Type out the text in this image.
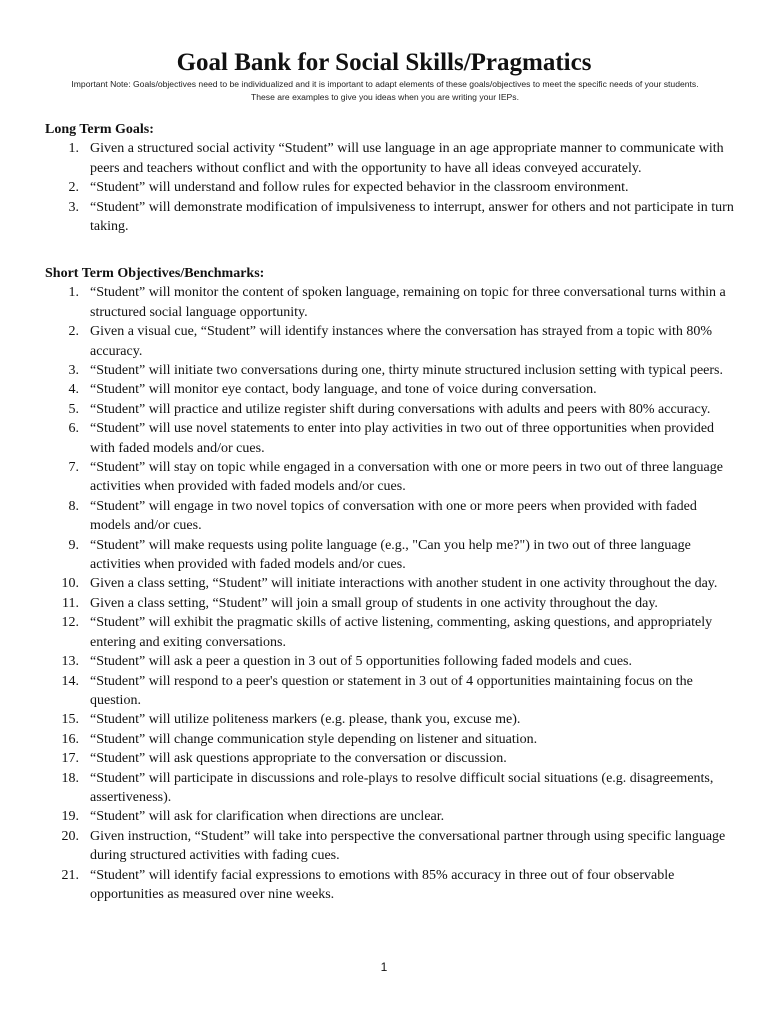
Goal Bank for Social Skills/Pragmatics
Important Note: Goals/objectives need to be individualized and it is important to adapt elements of these goals/objectives to meet the specific needs of your students. These are examples to give you ideas when you are writing your IEPs.
Long Term Goals:
1. Given a structured social activity “Student” will use language in an age appropriate manner to communicate with peers and teachers without conflict and with the opportunity to have all ideas conveyed accurately.
2. “Student” will understand and follow rules for expected behavior in the classroom environment.
3. “Student” will demonstrate modification of impulsiveness to interrupt, answer for others and not participate in turn taking.
Short Term Objectives/Benchmarks:
1. “Student” will monitor the content of spoken language, remaining on topic for three conversational turns within a structured social language opportunity.
2. Given a visual cue, “Student” will identify instances where the conversation has strayed from a topic with 80% accuracy.
3. “Student” will initiate two conversations during one, thirty minute structured inclusion setting with typical peers.
4. “Student” will monitor eye contact, body language, and tone of voice during conversation.
5. “Student” will practice and utilize register shift during conversations with adults and peers with 80% accuracy.
6. “Student” will use novel statements to enter into play activities in two out of three opportunities when provided with faded models and/or cues.
7. “Student” will stay on topic while engaged in a conversation with one or more peers in two out of three language activities when provided with faded models and/or cues.
8. “Student” will engage in two novel topics of conversation with one or more peers when provided with faded models and/or cues.
9. “Student” will make requests using polite language (e.g., "Can you help me?") in two out of three language activities when provided with faded models and/or cues.
10. Given a class setting, “Student” will initiate interactions with another student in one activity throughout the day.
11. Given a class setting, “Student” will join a small group of students in one activity throughout the day.
12. “Student” will exhibit the pragmatic skills of active listening, commenting, asking questions, and appropriately entering and exiting conversations.
13. “Student” will ask a peer a question in 3 out of 5 opportunities following faded models and cues.
14. “Student” will respond to a peer's question or statement in 3 out of 4 opportunities maintaining focus on the question.
15. “Student” will utilize politeness markers (e.g. please, thank you, excuse me).
16. “Student” will change communication style depending on listener and situation.
17. “Student” will ask questions appropriate to the conversation or discussion.
18. “Student” will participate in discussions and role-plays to resolve difficult social situations (e.g. disagreements, assertiveness).
19. “Student” will ask for clarification when directions are unclear.
20. Given instruction, “Student” will take into perspective the conversational partner through using specific language during structured activities with fading cues.
21. “Student” will identify facial expressions to emotions with 85% accuracy in three out of four observable opportunities as measured over nine weeks.
1
